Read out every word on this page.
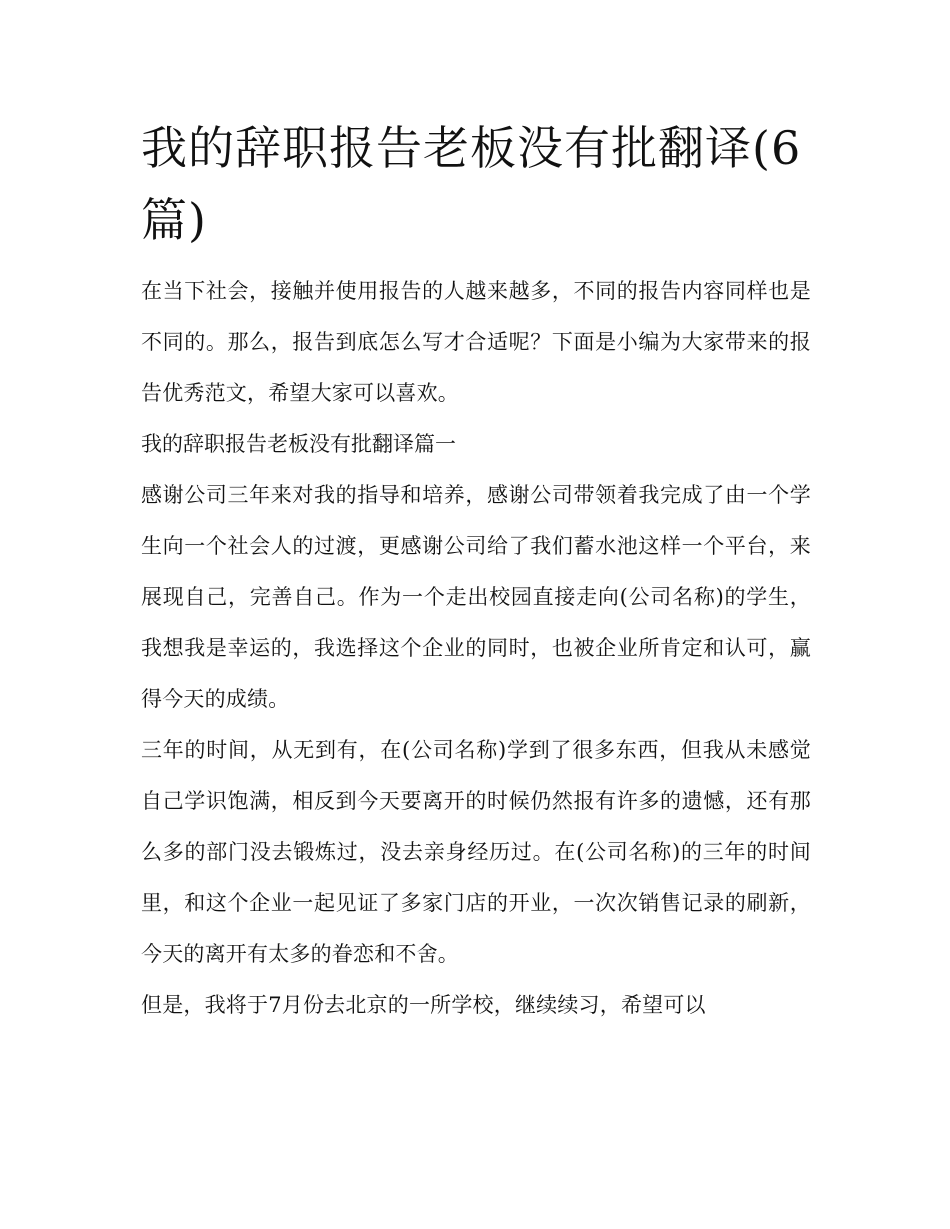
我的辞职报告老板没有批翻译(6篇)

在当下社会，接触并使用报告的人越来越多，不同的报告内容同样也是不同的。那么，报告到底怎么写才合适呢？下面是小编为大家带来的报告优秀范文，希望大家可以喜欢。

我的辞职报告老板没有批翻译篇一

感谢公司三年来对我的指导和培养，感谢公司带领着我完成了由一个学生向一个社会人的过渡，更感谢公司给了我们蓄水池这样一个平台，来展现自己，完善自己。作为一个走出校园直接走向(公司名称)的学生，我想我是幸运的，我选择这个企业的同时，也被企业所肯定和认可，赢得今天的成绩。

三年的时间，从无到有，在(公司名称)学到了很多东西，但我从未感觉自己学识饱满，相反到今天要离开的时候仍然报有许多的遗憾，还有那么多的部门没去锻炼过，没去亲身经历过。在(公司名称)的三年的时间里，和这个企业一起见证了多家门店的开业，一次次销售记录的刷新，今天的离开有太多的眷恋和不舍。

但是，我将于7月份去北京的一所学校，继续续习，希望可以
